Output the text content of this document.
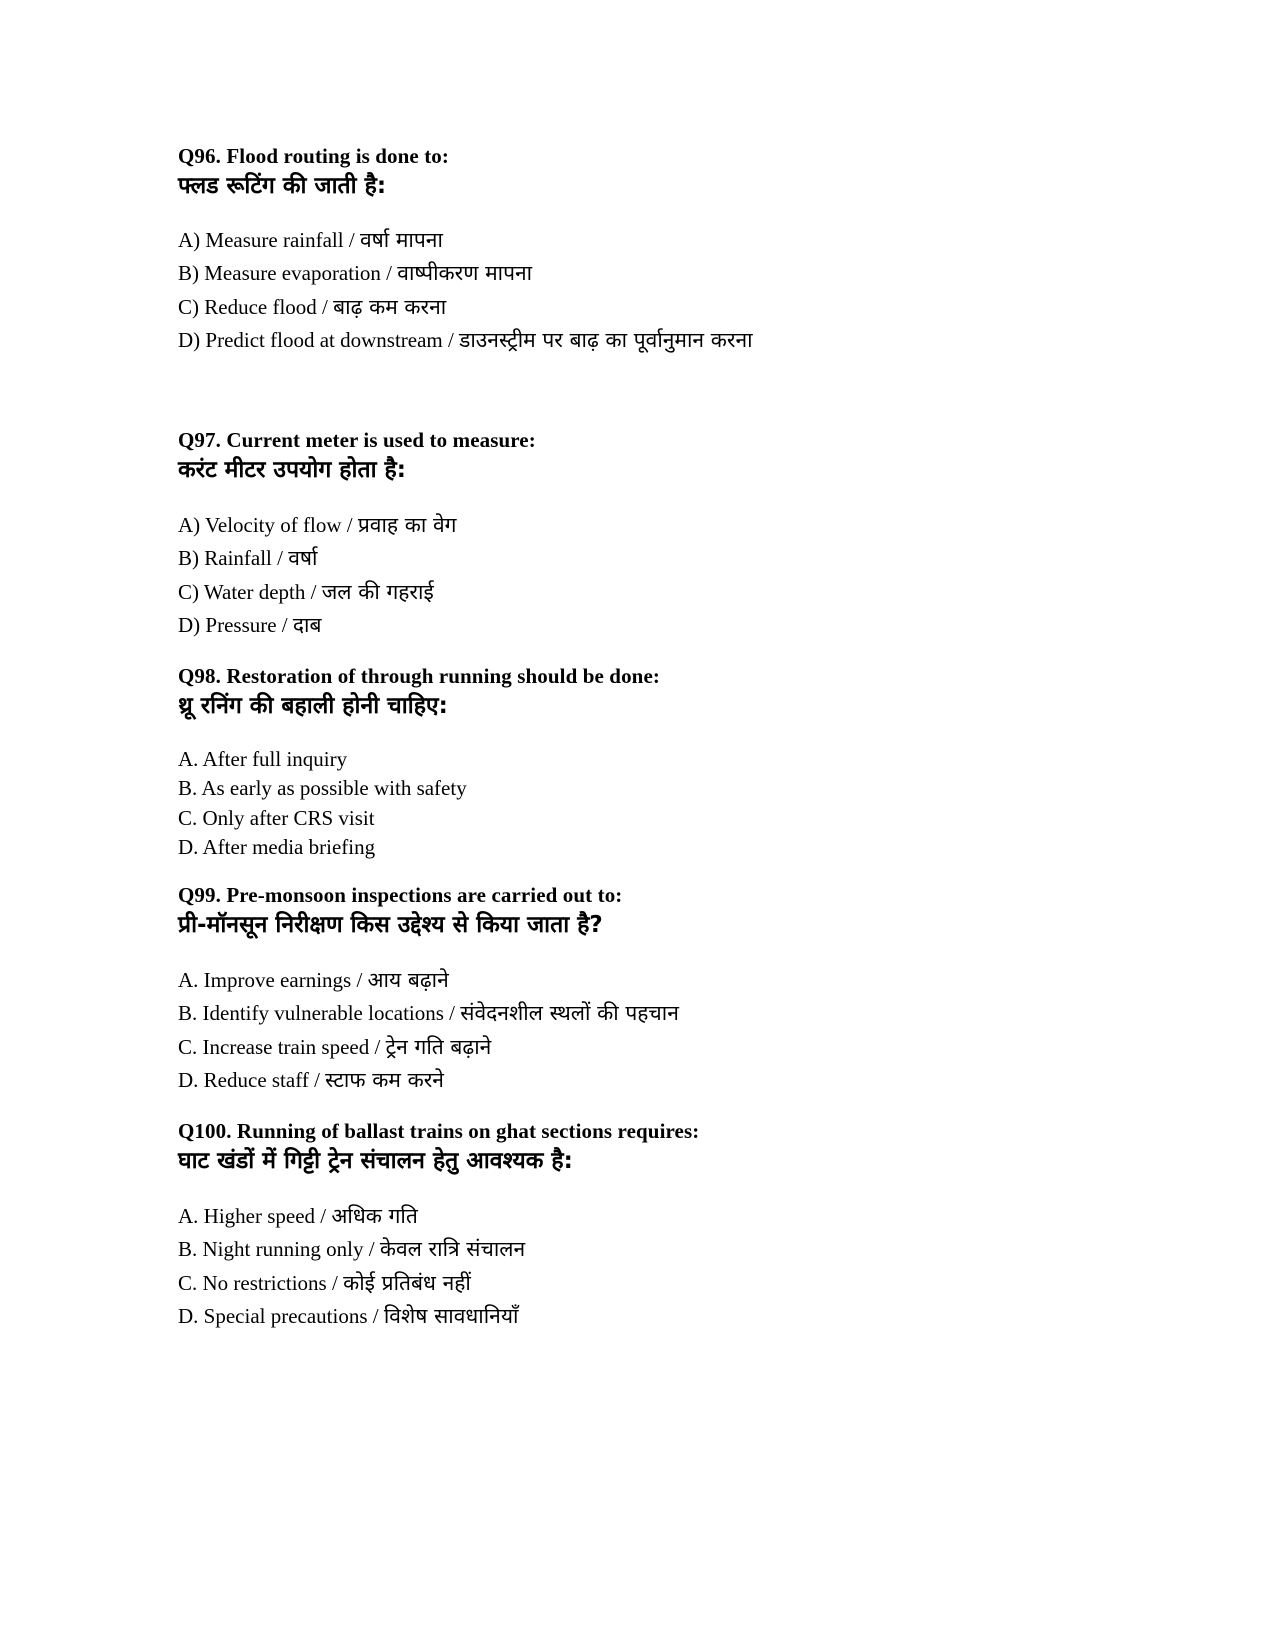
Q96. Flood routing is done to:
फ्लड रूटिंग की जाती है:
A) Measure rainfall / वर्षा मापना
B) Measure evaporation / वाष्पीकरण मापना
C) Reduce flood / बाढ़ कम करना
D) Predict flood at downstream / डाउनस्ट्रीम पर बाढ़ का पूर्वानुमान करना
Q97. Current meter is used to measure:
करंट मीटर उपयोग होता है:
A) Velocity of flow / प्रवाह का वेग
B) Rainfall / वर्षा
C) Water depth / जल की गहराई
D) Pressure / दाब
Q98. Restoration of through running should be done:
थ्रू रनिंग की बहाली होनी चाहिए:
A. After full inquiry
B. As early as possible with safety
C. Only after CRS visit
D. After media briefing
Q99. Pre-monsoon inspections are carried out to:
प्री-मॉनसून निरीक्षण किस उद्देश्य से किया जाता है?
A. Improve earnings / आय बढ़ाने
B. Identify vulnerable locations / संवेदनशील स्थलों की पहचान
C. Increase train speed / ट्रेन गति बढ़ाने
D. Reduce staff / स्टाफ कम करने
Q100. Running of ballast trains on ghat sections requires:
घाट खंडों में गिट्टी ट्रेन संचालन हेतु आवश्यक है:
A. Higher speed / अधिक गति
B. Night running only / केवल रात्रि संचालन
C. No restrictions / कोई प्रतिबंध नहीं
D. Special precautions / विशेष सावधानियाँ
